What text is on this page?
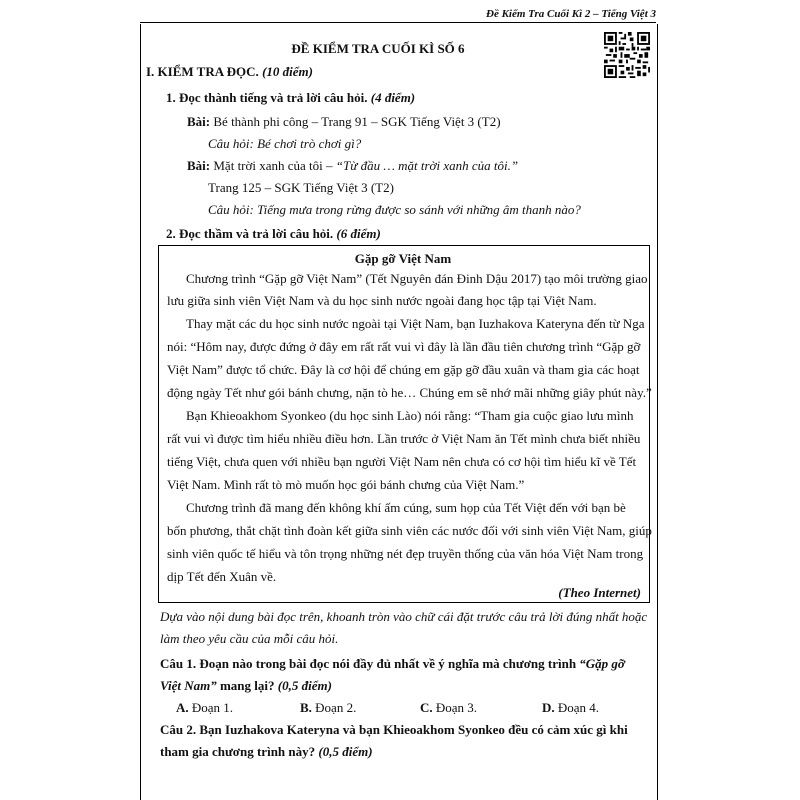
Đề Kiểm Tra Cuối Kì 2 – Tiếng Việt 3
ĐỀ KIỂM TRA CUỐI KÌ SỐ 6
I. KIỂM TRA ĐỌC. (10 điểm)
1. Đọc thành tiếng và trả lời câu hỏi. (4 điểm)
Bài: Bé thành phi công – Trang 91 – SGK Tiếng Việt 3 (T2)
Câu hỏi: Bé chơi trò chơi gì?
Bài: Mặt trời xanh của tôi – “Từ đầu … mặt trời xanh của tôi.”
Trang 125 – SGK Tiếng Việt 3 (T2)
Câu hỏi: Tiếng mưa trong rừng được so sánh với những âm thanh nào?
2. Đọc thầm và trả lời câu hỏi. (6 điểm)
Gặp gỡ Việt Nam
Chương trình “Gặp gỡ Việt Nam” (Tết Nguyên đán Đinh Dậu 2017) tạo môi trường giao
lưu giữa sinh viên Việt Nam và du học sinh nước ngoài đang học tập tại Việt Nam.
Thay mặt các du học sinh nước ngoài tại Việt Nam, bạn Iuzhakova Kateryna đến từ Nga
nói: “Hôm nay, được đứng ở đây em rất rất vui vì đây là lần đầu tiên chương trình “Gặp gỡ
Việt Nam” được tổ chức. Đây là cơ hội để chúng em gặp gỡ đầu xuân và tham gia các hoạt
động ngày Tết như gói bánh chưng, nặn tò he… Chúng em sẽ nhớ mãi những giây phút này.”
Bạn Khieoakhom Syonkeo (du học sinh Lào) nói rằng: “Tham gia cuộc giao lưu mình
rất vui vì được tìm hiểu nhiều điều hơn. Lần trước ở Việt Nam ăn Tết mình chưa biết nhiều
tiếng Việt, chưa quen với nhiều bạn người Việt Nam nên chưa có cơ hội tìm hiểu kĩ về Tết
Việt Nam. Mình rất tò mò muốn học gói bánh chưng của Việt Nam.”
Chương trình đã mang đến không khí ấm cúng, sum họp của Tết Việt đến với bạn bè
bốn phương, thắt chặt tình đoàn kết giữa sinh viên các nước đối với sinh viên Việt Nam, giúp
sinh viên quốc tế hiểu và tôn trọng những nét đẹp truyền thống của văn hóa Việt Nam trong
dịp Tết đến Xuân về.
(Theo Internet)
Dựa vào nội dung bài đọc trên, khoanh tròn vào chữ cái đặt trước câu trả lời đúng nhất hoặc
làm theo yêu cầu của mỗi câu hỏi.
Câu 1. Đoạn nào trong bài đọc nói đầy đủ nhất về ý nghĩa mà chương trình “Gặp gỡ
Việt Nam” mang lại? (0,5 điểm)
A. Đoạn 1.	B. Đoạn 2.	C. Đoạn 3.	D. Đoạn 4.
Câu 2. Bạn Iuzhakova Kateryna và bạn Khieoakhom Syonkeo đều có cảm xúc gì khi
tham gia chương trình này? (0,5 điểm)
